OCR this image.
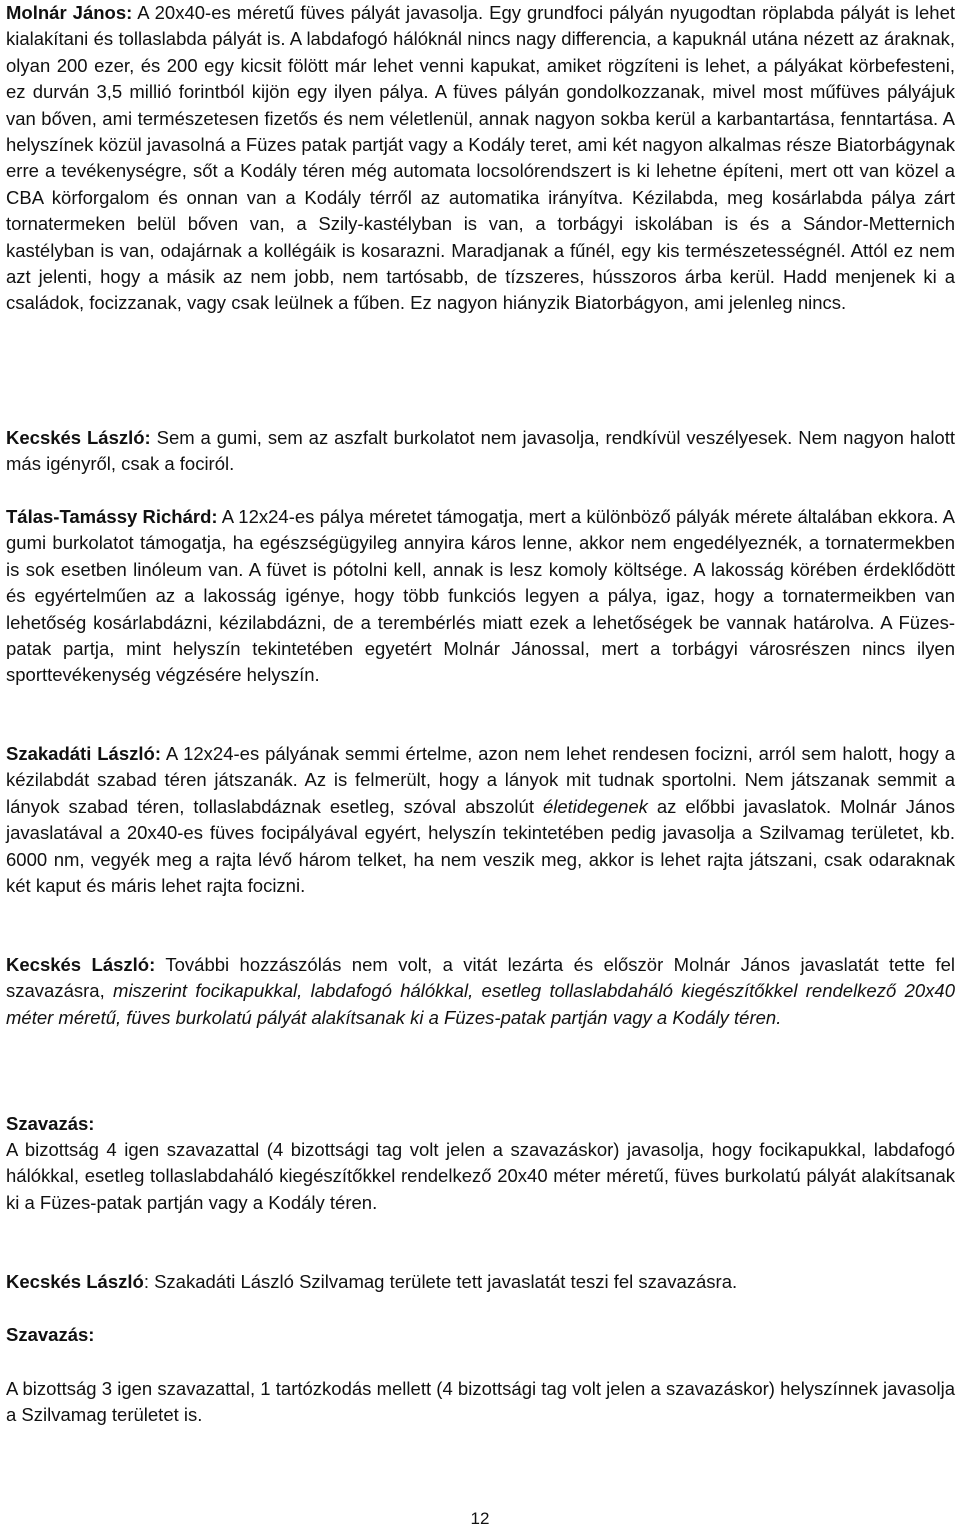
Molnár János: A 20x40-es méretű füves pályát javasolja. Egy grundfoci pályán nyugodtan röplabda pályát is lehet kialakítani és tollaslabda pályát is. A labdafogó hálóknál nincs nagy differencia, a kapuknál utána nézett az áraknak, olyan 200 ezer, és 200 egy kicsit fölött már lehet venni kapukat, amiket rögzíteni is lehet, a pályákat körbefesteni, ez durván 3,5 millió forintból kijön egy ilyen pálya. A füves pályán gondolkozzanak, mivel most műfüves pályájuk van bőven, ami természetesen fizetős és nem véletlenül, annak nagyon sokba kerül a karbantartása, fenntartása. A helyszínek közül javasolná a Füzes patak partját vagy a Kodály teret, ami két nagyon alkalmas része Biatorbágynak erre a tevékenységre, sőt a Kodály téren még automata locsolórendszert is ki lehetne építeni, mert ott van közel a CBA körforgalom és onnan van a Kodály térről az automatika irányítva. Kézilabda, meg kosárlabda pálya zárt tornatermeken belül bőven van, a Szily-kastélyban is van, a torbágyi iskolában is és a Sándor-Metternich kastélyban is van, odajárnak a kollégáik is kosarazni. Maradjanak a fűnél, egy kis természetességnél. Attól ez nem azt jelenti, hogy a másik az nem jobb, nem tartósabb, de tízszeres, hússzoros árba kerül. Hadd menjenek ki a családok, focizzanak, vagy csak leülnek a fűben. Ez nagyon hiányzik Biatorbágyon, ami jelenleg nincs.

Kecskés László: Sem a gumi, sem az aszfalt burkolatot nem javasolja, rendkívül veszélyesek. Nem nagyon halott más igényről, csak a fociról.

Tálas-Tamássy Richárd: A 12x24-es pálya méretet támogatja, mert a különböző pályák mérete általában ekkora. A gumi burkolatot támogatja, ha egészségügyileg annyira káros lenne, akkor nem engedélyeznék, a tornatermekben is sok esetben linóleum van. A füvet is pótolni kell, annak is lesz komoly költsége. A lakosság körében érdeklődött és egyértelműen az a lakosság igénye, hogy több funkciós legyen a pálya, igaz, hogy a tornatermeikben van lehetőség kosárlabdázni, kézilabdázni, de a terembérlés miatt ezek a lehetőségek be vannak határolva. A Füzes-patak partja, mint helyszín tekintetében egyetért Molnár Jánossal, mert a torbágyi városrészen nincs ilyen sporttevékenység végzésére helyszín.

Szakadáti László: A 12x24-es pályának semmi értelme, azon nem lehet rendesen focizni, arról sem halott, hogy a kézilabdát szabad téren játszanák. Az is felmerült, hogy a lányok mit tudnak sportolni. Nem játszanak semmit a lányok szabad téren, tollaslabdáznak esetleg, szóval abszolút életidegenek az előbbi javaslatok. Molnár János javaslatával a 20x40-es füves focipályával egyért, helyszín tekintetében pedig javasolja a Szilvamag területet, kb. 6000 nm, vegyék meg a rajta lévő három telket, ha nem veszik meg, akkor is lehet rajta játszani, csak odaraknak két kaput és máris lehet rajta focizni.

Kecskés László: További hozzászólás nem volt, a vitát lezárta és először Molnár János javaslatát tette fel szavazásra, miszerint focikapukkal, labdafogó hálókkal, esetleg tollaslabdaháló kiegészítőkkel rendelkező 20x40 méter méretű, füves burkolatú pályát alakítsanak ki a Füzes-patak partján vagy a Kodály téren.

Szavazás:

A bizottság 4 igen szavazattal (4 bizottsági tag volt jelen a szavazáskor) javasolja, hogy focikapukkal, labdafogó hálókkal, esetleg tollaslabdaháló kiegészítőkkel rendelkező 20x40 méter méretű, füves burkolatú pályát alakítsanak ki a Füzes-patak partján vagy a Kodály téren.

Kecskés László: Szakadáti László Szilvamag területe tett javaslatát teszi fel szavazásra.

Szavazás:

A bizottság 3 igen szavazattal, 1 tartózkodás mellett (4 bizottsági tag volt jelen a szavazáskor) helyszínnek javasolja a Szilvamag területet is.

12
